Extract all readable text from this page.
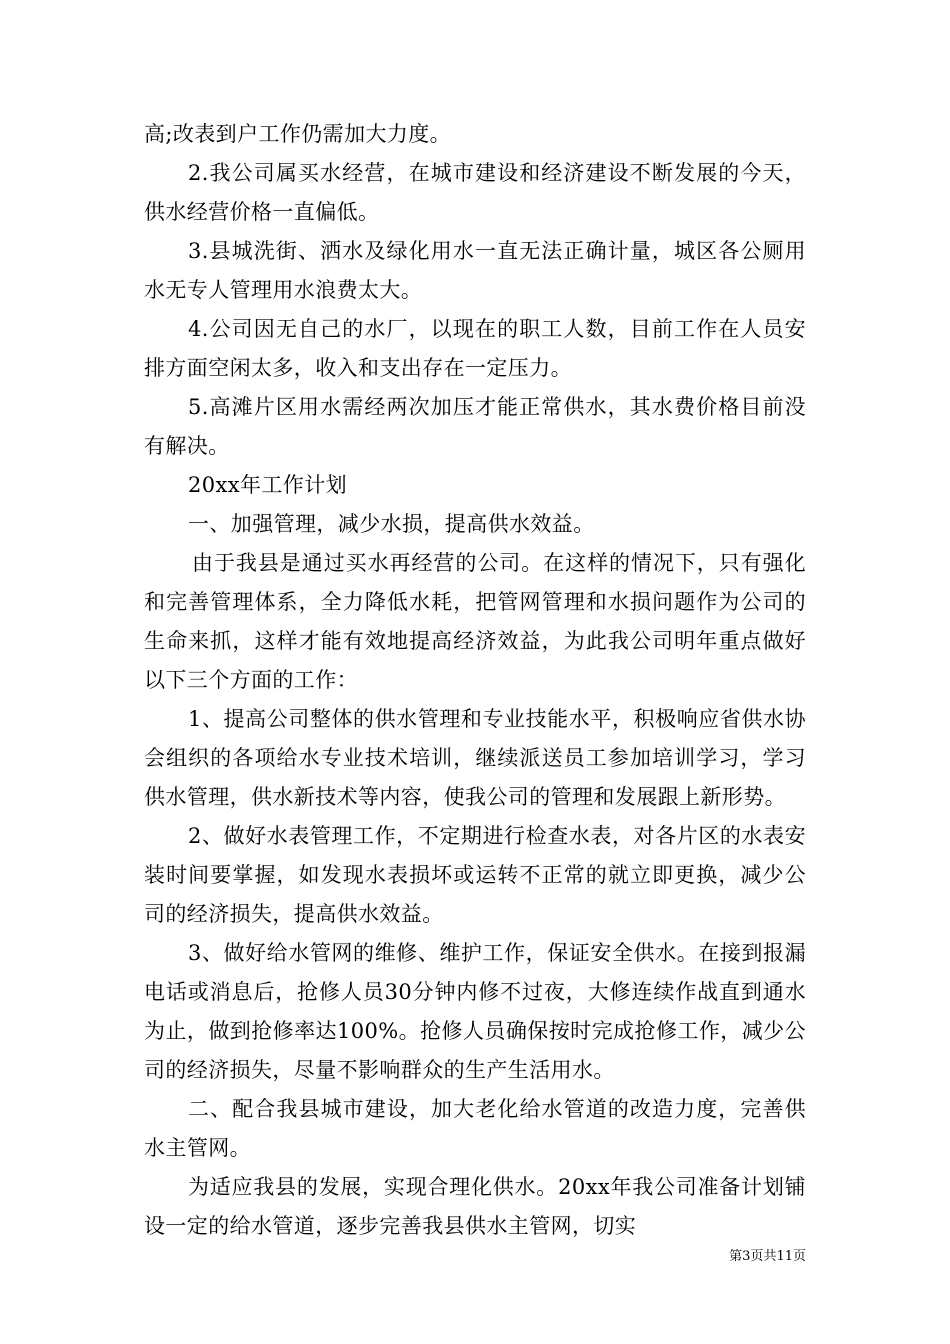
高;改表到户工作仍需加大力度。

2.我公司属买水经营，在城市建设和经济建设不断发展的今天，供水经营价格一直偏低。

3.县城洗街、洒水及绿化用水一直无法正确计量，城区各公厕用水无专人管理用水浪费太大。

4.公司因无自己的水厂，以现在的职工人数，目前工作在人员安排方面空闲太多，收入和支出存在一定压力。

5.高滩片区用水需经两次加压才能正常供水，其水费价格目前没有解决。

20xx年工作计划

一、加强管理，减少水损，提高供水效益。

由于我县是通过买水再经营的公司。在这样的情况下，只有强化和完善管理体系，全力降低水耗，把管网管理和水损问题作为公司的生命来抓，这样才能有效地提高经济效益，为此我公司明年重点做好以下三个方面的工作：

1、提高公司整体的供水管理和专业技能水平，积极响应省供水协会组织的各项给水专业技术培训，继续派送员工参加培训学习，学习供水管理，供水新技术等内容，使我公司的管理和发展跟上新形势。

2、做好水表管理工作，不定期进行检查水表，对各片区的水表安装时间要掌握，如发现水表损坏或运转不正常的就立即更换，减少公司的经济损失，提高供水效益。

3、做好给水管网的维修、维护工作，保证安全供水。在接到报漏电话或消息后，抢修人员30分钟内修不过夜，大修连续作战直到通水为止，做到抢修率达100%。抢修人员确保按时完成抢修工作，减少公司的经济损失，尽量不影响群众的生产生活用水。

二、配合我县城市建设，加大老化给水管道的改造力度，完善供水主管网。

为适应我县的发展，实现合理化供水。20xx年我公司准备计划铺设一定的给水管道，逐步完善我县供水主管网，切实

第3页共11页
